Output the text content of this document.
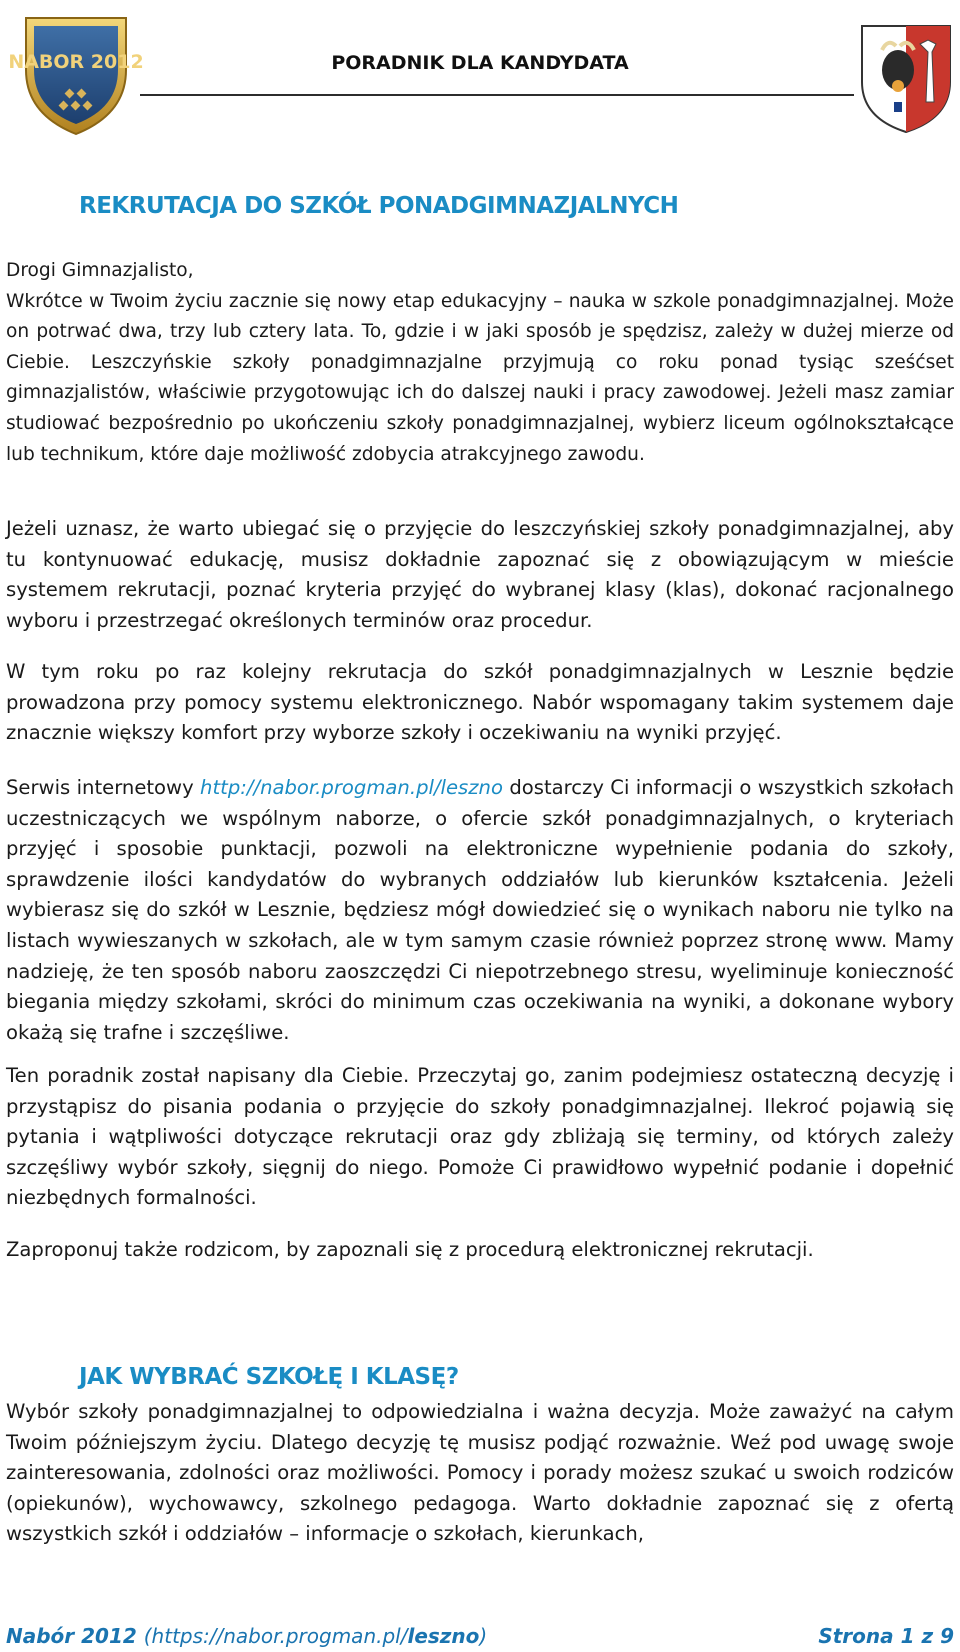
NABOR 2012	PORADNIK DLA KANDYDATA
REKRUTACJA DO SZKÓŁ PONADGIMNAZJALNYCH

Drogi Gimnazjalisto,
Wkrótce w Twoim życiu zacznie się nowy etap edukacyjny – nauka w szkole ponadgimnazjalnej. Może on potrwać dwa, trzy lub cztery lata. To, gdzie i w jaki sposób je spędzisz, zależy w dużej mierze od Ciebie. Leszczyńskie szkoły ponadgimnazjalne przyjmują co roku ponad tysiąc sześćset gimnazjalistów, właściwie przygotowując ich do dalszej nauki i pracy zawodowej. Jeżeli masz zamiar studiować bezpośrednio po ukończeniu szkoły ponadgimnazjalnej, wybierz liceum ogólnokształcące lub technikum, które daje możliwość zdobycia atrakcyjnego zawodu.

Jeżeli uznasz, że warto ubiegać się o przyjęcie do leszczyńskiej szkoły ponadgimnazjalnej, aby tu kontynuować edukację, musisz dokładnie zapoznać się z obowiązującym w mieście systemem rekrutacji, poznać kryteria przyjęć do wybranej klasy (klas), dokonać racjonalnego wyboru i przestrzegać określonych terminów oraz procedur.

W tym roku po raz kolejny rekrutacja do szkół ponadgimnazjalnych w Lesznie będzie prowadzona przy pomocy systemu elektronicznego. Nabór wspomagany takim systemem daje znacznie większy komfort przy wyborze szkoły i oczekiwaniu na wyniki przyjęć.

Serwis internetowy http://nabor.progman.pl/leszno dostarczy Ci informacji o wszystkich szkołach uczestniczących we wspólnym naborze, o ofercie szkół ponadgimnazjalnych, o kryteriach przyjęć i sposobie punktacji, pozwoli na elektroniczne wypełnienie podania do szkoły, sprawdzenie ilości kandydatów do wybranych oddziałów lub kierunków kształcenia. Jeżeli wybierasz się do szkół w Lesznie, będziesz mógł dowiedzieć się o wynikach naboru nie tylko na listach wywieszanych w szkołach, ale w tym samym czasie również poprzez stronę www. Mamy nadzieję, że ten sposób naboru zaoszczędzi Ci niepotrzebnego stresu, wyeliminuje konieczność biegania między szkołami, skróci do minimum czas oczekiwania na wyniki, a dokonane wybory okażą się trafne i szczęśliwe.

Ten poradnik został napisany dla Ciebie. Przeczytaj go, zanim podejmiesz ostateczną decyzję i przystąpisz do pisania podania o przyjęcie do szkoły ponadgimnazjalnej. Ilekroć pojawią się pytania i wątpliwości dotyczące rekrutacji oraz gdy zbliżają się terminy, od których zależy szczęśliwy wybór szkoły, sięgnij do niego. Pomoże Ci prawidłowo wypełnić podanie i dopełnić niezbędnych formalności.

Zaproponuj także rodzicom, by zapoznali się z procedurą elektronicznej rekrutacji.

JAK WYBRAĆ SZKOŁĘ I KLASĘ?

Wybór szkoły ponadgimnazjalnej to odpowiedzialna i ważna decyzja. Może zaważyć na całym Twoim późniejszym życiu. Dlatego decyzję tę musisz podjąć rozważnie. Weź pod uwagę swoje zainteresowania, zdolności oraz możliwości. Pomocy i porady możesz szukać u swoich rodziców (opiekunów), wychowawcy, szkolnego pedagoga. Warto dokładnie zapoznać się z ofertą wszystkich szkół i oddziałów – informacje o szkołach, kierunkach,

Nabór 2012 (https://nabor.progman.pl/leszno)	Strona 1 z 9
